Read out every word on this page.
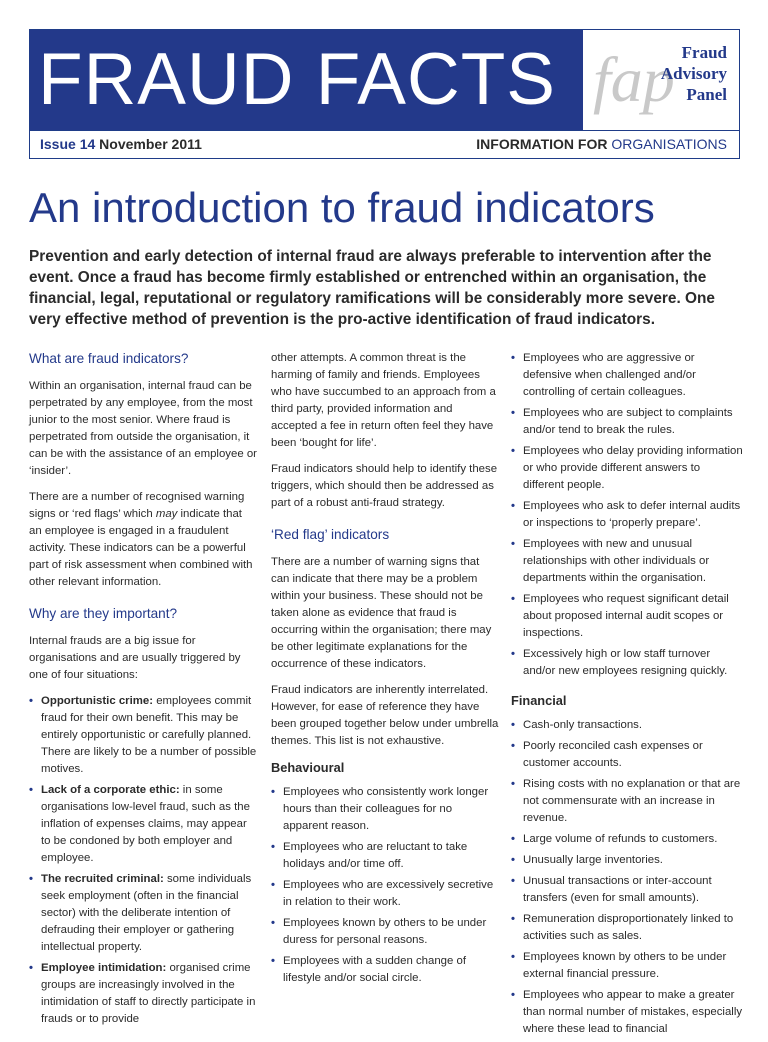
FRAUD FACTS fap Fraud
Advisory
Panel
Issue 14 November 2011	INFORMATION FOR ORGANISATIONS
An introduction to fraud indicators
Prevention and early detection of internal fraud are always preferable to intervention after the event. Once a fraud has become firmly established or entrenched within an organisation, the financial, legal, reputational or regulatory ramifications will be considerably more severe. One very effective method of prevention is the pro-active identification of fraud indicators.
What are fraud indicators?

Within an organisation, internal fraud can be perpetrated by any employee, from the most junior to the most senior. Where fraud is perpetrated from outside the organisation, it can be with the assistance of an employee or ‘insider’.

There are a number of recognised warning signs or ‘red flags’ which may indicate that an employee is engaged in a fraudulent activity. These indicators can be a powerful part of risk assessment when combined with other relevant information.

Why are they important?

Internal frauds are a big issue for organisations and are usually triggered by one of four situations:

• Opportunistic crime: employees commit fraud for their own benefit. This may be entirely opportunistic or carefully planned. There are likely to be a number of possible motives.
• Lack of a corporate ethic: in some organisations low-level fraud, such as the inflation of expenses claims, may appear to be condoned by both employer and employee.
• The recruited criminal: some individuals seek employment (often in the financial sector) with the deliberate intention of defrauding their employer or gathering intellectual property.
• Employee intimidation: organised crime groups are increasingly involved in the intimidation of staff to directly participate in frauds or to provide

other attempts. A common threat is the harming of family and friends. Employees who have succumbed to an approach from a third party, provided information and accepted a fee in return often feel they have been ‘bought for life’.

Fraud indicators should help to identify these triggers, which should then be addressed as part of a robust anti-fraud strategy.

‘Red flag’ indicators

There are a number of warning signs that can indicate that there may be a problem within your business. These should not be taken alone as evidence that fraud is occurring within the organisation; there may be other legitimate explanations for the occurrence of these indicators.

Fraud indicators are inherently interrelated. However, for ease of reference they have been grouped together below under umbrella themes. This list is not exhaustive.

Behavioural
• Employees who consistently work longer hours than their colleagues for no apparent reason.
• Employees who are reluctant to take holidays and/or time off.
• Employees who are excessively secretive in relation to their work.
• Employees known by others to be under duress for personal reasons.
• Employees with a sudden change of lifestyle and/or social circle.
• Employees who are aggressive or defensive when challenged and/or controlling of certain colleagues.
• Employees who are subject to complaints and/or tend to break the rules.
• Employees who delay providing information or who provide different answers to different people.
• Employees who ask to defer internal audits or inspections to ‘properly prepare’.
• Employees with new and unusual relationships with other individuals or departments within the organisation.
• Employees who request significant detail about proposed internal audit scopes or inspections.
• Excessively high or low staff turnover and/or new employees resigning quickly.
Financial
• Cash-only transactions.
• Poorly reconciled cash expenses or customer accounts.
• Rising costs with no explanation or that are not commensurate with an increase in revenue.
• Large volume of refunds to customers.
• Unusually large inventories.
• Unusual transactions or inter-account transfers (even for small amounts).
• Remuneration disproportionately linked to activities such as sales.
• Employees known by others to be under external financial pressure.
• Employees who appear to make a greater than normal number of mistakes, especially where these lead to financial
